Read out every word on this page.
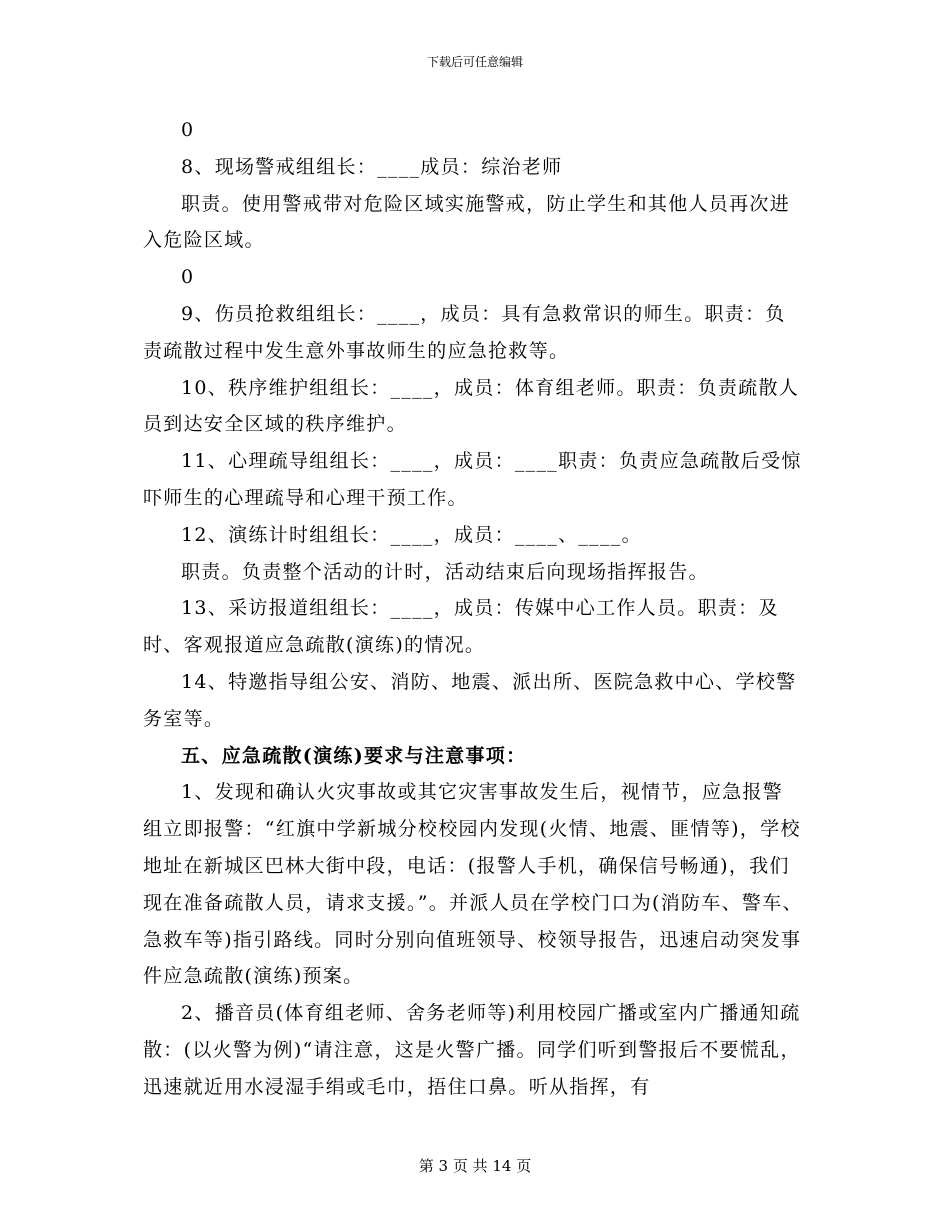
下载后可任意编辑

0

8、现场警戒组组长：____成员：综治老师

职责。使用警戒带对危险区域实施警戒，防止学生和其他人员再次进入危险区域。

0

9、伤员抢救组组长：____，成员：具有急救常识的师生。职责：负责疏散过程中发生意外事故师生的应急抢救等。

10、秩序维护组组长：____，成员：体育组老师。职责：负责疏散人员到达安全区域的秩序维护。

11、心理疏导组组长：____，成员：____职责：负责应急疏散后受惊吓师生的心理疏导和心理干预工作。

12、演练计时组组长：____，成员：____、____。

职责。负责整个活动的计时，活动结束后向现场指挥报告。

13、采访报道组组长：____，成员：传媒中心工作人员。职责：及时、客观报道应急疏散(演练)的情况。

14、特邀指导组公安、消防、地震、派出所、医院急救中心、学校警务室等。

五、应急疏散(演练)要求与注意事项：

1、发现和确认火灾事故或其它灾害事故发生后，视情节，应急报警组立即报警：“红旗中学新城分校校园内发现(火情、地震、匪情等)，学校地址在新城区巴林大街中段，电话：(报警人手机，确保信号畅通)，我们现在准备疏散人员，请求支援。”。并派人员在学校门口为(消防车、警车、急救车等)指引路线。同时分别向值班领导、校领导报告，迅速启动突发事件应急疏散(演练)预案。

2、播音员(体育组老师、舍务老师等)利用校园广播或室内广播通知疏散：(以火警为例)“请注意，这是火警广播。同学们听到警报后不要慌乱，迅速就近用水浸湿手绢或毛巾，捂住口鼻。听从指挥，有

第 3 页 共 14 页
